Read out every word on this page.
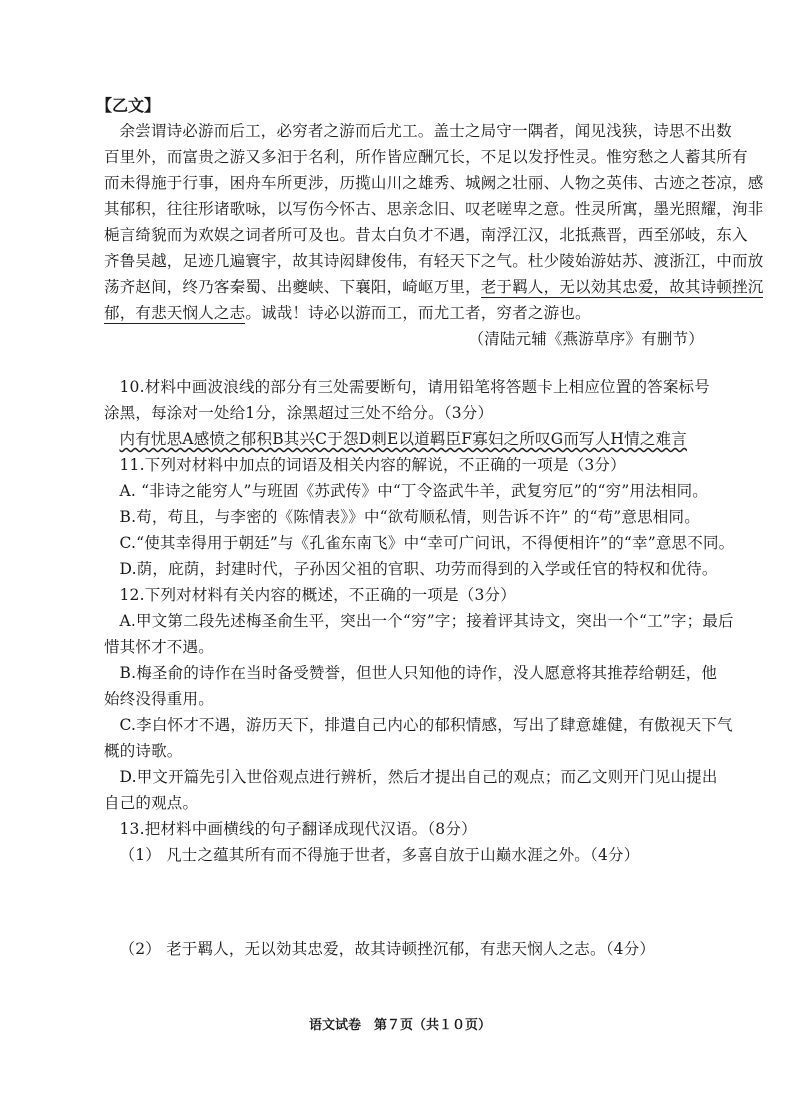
【乙文】
余尝谓诗必游而后工，必穷者之游而后尤工。盖士之局守一隅者，闻见浅狭，诗思不出数
百里外，而富贵之游又多汩于名利，所作皆应酬冗长，不足以发抒性灵。惟穷愁之人蓄其所有
而未得施于行事，困舟车所更涉，历揽山川之雄秀、城阙之壮丽、人物之英伟、古迹之苍凉，感
其郁积，往往形诸歌咏，以写伤今怀古、思亲念旧、叹老嗟卑之意。性灵所寓，墨光照耀，洵非
梔言绮貌而为欢娱之词者所可及也。昔太白负才不遇，南浮江汉，北抵燕晋，西至邠岐，东入
齐鲁吴越，足迹几遍寰宇，故其诗闳肆俊伟，有轻天下之气。杜少陵始游姑苏、渡浙江，中而放
荡齐赵间，终乃客秦蜀、出夔峡、下襄阳，崎岖万里，老于羁人，无以効其忠爱，故其诗顿挫沉
郁，有悲天悯人之志。诚哉！诗必以游而工，而尤工者，穷者之游也。
（清陆元辅《燕游草序》有删节）
10.材料中画波浪线的部分有三处需要断句，请用铅笔将答题卡上相应位置的答案标号
涂黑，每涂对一处给1分，涂黑超过三处不给分。（3分）
内有忧思A感愤之郁积B其兴C于怨D刺E以道羁臣F寡妇之所叹G而写人H情之难言
11.下列对材料中加点的词语及相关内容的解说，不正确的一项是（3分）
A. “非诗之能穷人”与班固《苏武传》中“丁令盗武牛羊，武复穷厄”的“穷”用法相同。
B.苟，苟且，与李密的《陈情表》》中“欲苟顺私情，则告诉不许” 的“苟”意思相同。
C.“使其幸得用于朝廷”与《孔雀东南飞》中“幸可广问讯，不得便相许”的“幸”意思不同。
D.荫，庇荫，封建时代，子孙因父祖的官职、功劳而得到的入学或任官的特权和优待。
12.下列对材料有关内容的概述，不正确的一项是（3分）
A.甲文第二段先述梅圣俞生平，突出一个“穷”字；接着评其诗文，突出一个“工”字；最后
惜其怀才不遇。
B.梅圣俞的诗作在当时备受赞誉，但世人只知他的诗作，没人愿意将其推荐给朝廷，他
始终没得重用。
C.李白怀才不遇，游历天下，排遣自己内心的郁积情感，写出了肆意雄健，有傲视天下气
概的诗歌。
D.甲文开篇先引入世俗观点进行辨析，然后才提出自己的观点；而乙文则开门见山提出
自己的观点。
13.把材料中画横线的句子翻译成现代汉语。（8分）
（1） 凡士之蕴其所有而不得施于世者，多喜自放于山巅水涯之外。（4分）
（2） 老于羁人，无以効其忠爱，故其诗顿挫沉郁，有悲天悯人之志。（4分）
语文试卷　第７页（共１０页）
